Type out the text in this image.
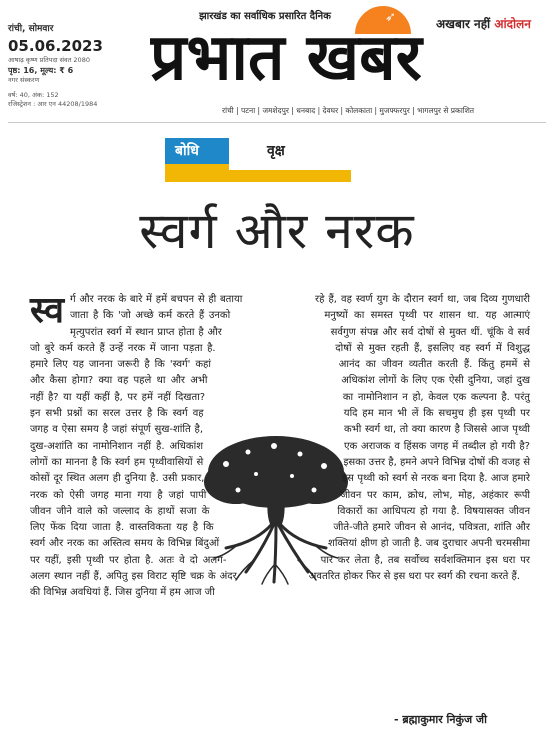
झारखंड का सर्वाधिक प्रसारित दैनिक	➶	अखबार नहीं आंदोलन
प्रभात खबर
रांची, सोमवार
05.06.2023
आषाढ़ कृष्ण प्रतिपदा संवत 2080
पृष्ठ: 16, मूल्य: ₹ 6
नगर संस्करण
वर्ष: 40, अंक: 152
रजिस्ट्रेशन : आर एन 44208/1984
रांची | पटना | जमशेदपुर | धनबाद | देवघर | कोलकाता | मुजफ्फरपुर | भागलपुर से प्रकाशित
बोधि	वृक्ष
स्वर्ग और नरक
स्व र्ग और नरक के बारे में हमें बचपन से ही बताया जाता है कि 'जो अच्छे कर्म करते हैं उनको मृत्युपरांत स्वर्ग में स्थान प्राप्त होता है और जो बुरे कर्म करते हैं उन्हें नरक में जाना पड़ता है. हमारे लिए यह जानना जरूरी है कि 'स्वर्ग' कहां और कैसा होगा? क्या वह पहले था और अभी नहीं है? या यहीं कहीं है, पर हमें नहीं दिखता? इन सभी प्रश्नों का सरल उत्तर है कि स्वर्ग वह जगह व ऐसा समय है जहां संपूर्ण सुख-शांति है, दुख-अशांति का नामोनिशान नहीं है. अधिकांश लोगों का मानना है कि स्वर्ग हम पृथ्वीवासियों से कोसों दूर स्थित अलग ही दुनिया है. उसी प्रकार, नरक को ऐसी जगह माना गया है जहां पापी जीवन जीने वाले को जल्लाद के हाथों सजा के लिए फेंक दिया जाता है. वास्तविकता यह है कि स्वर्ग और नरक का अस्तित्व समय के विभिन्न बिंदुओं पर यहीं, इसी पृथ्वी पर होता है. अतः वे दो अलग-अलग स्थान नहीं हैं, अपितु इस विराट सृष्टि चक्र के अंदर की विभिन्न अवधियां हैं. जिस दुनिया में हम आज जी

रहे हैं, वह स्वर्ण युग के दौरान स्वर्ग था, जब दिव्य गुणधारी मनुष्यों का समस्त पृथ्वी पर शासन था. यह आत्माएं सर्वगुण संपन्न और सर्व दोषों से मुक्त थीं. चूंकि वे सर्व दोषों से मुक्त रहती हैं, इसलिए वह स्वर्ग में विशुद्ध आनंद का जीवन व्यतीत करती हैं. किंतु हममें से अधिकांश लोगों के लिए एक ऐसी दुनिया, जहां दुख का नामोनिशान न हो, केवल एक कल्पना है. परंतु यदि हम मान भी लें कि सचमुच ही इस पृथ्वी पर कभी स्वर्ग था, तो क्या कारण है जिससे आज पृथ्वी एक अराजक व हिंसक जगह में तब्दील हो गयी है? इसका उत्तर है, हमने अपने विभिन्न दोषों की वजह से इस पृथ्वी को स्वर्ग से नरक बना दिया है. आज हमारे जीवन पर काम, क्रोध, लोभ, मोह, अहंकार रूपी विकारों का आधिपत्य हो गया है. विषयासक्त जीवन जीते-जीते हमारे जीवन से आनंद, पवित्रता, शांति और शक्तियां क्षीण हो जाती है. जब दुराचार अपनी चरमसीमा पार कर लेता है, तब सर्वोच्च सर्वशक्तिमान इस धरा पर अवतरित होकर फिर से इस धरा पर स्वर्ग की रचना करते हैं.

- ब्रह्माकुमार निकुंज जी
